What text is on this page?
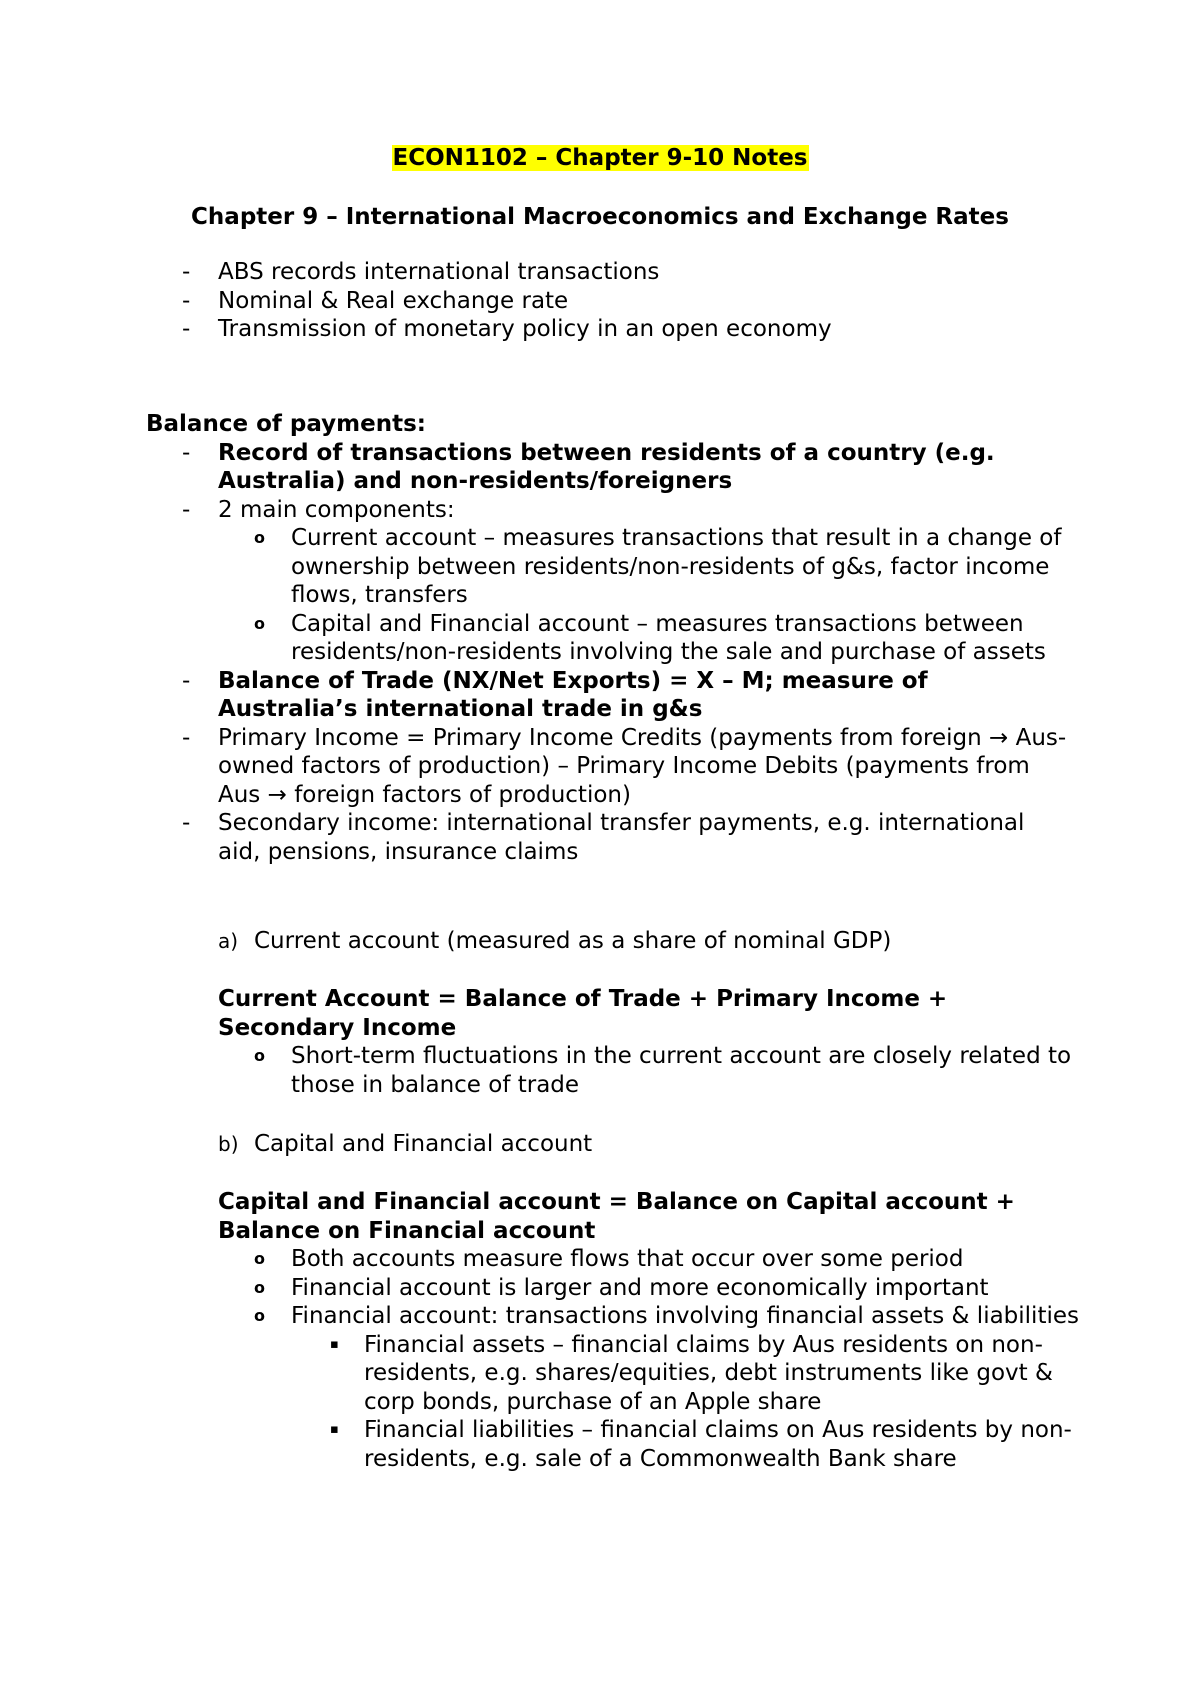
ECON1102 – Chapter 9-10 Notes
Chapter 9 – International Macroeconomics and Exchange Rates
- ABS records international transactions
- Nominal & Real exchange rate
- Transmission of monetary policy in an open economy
Balance of payments:
- Record of transactions between residents of a country (e.g. Australia) and non-residents/foreigners
- 2 main components:
o Current account – measures transactions that result in a change of ownership between residents/non-residents of g&s, factor income flows, transfers
o Capital and Financial account – measures transactions between residents/non-residents involving the sale and purchase of assets
- Balance of Trade (NX/Net Exports) = X – M; measure of Australia’s international trade in g&s
- Primary Income = Primary Income Credits (payments from foreign → Aus-owned factors of production) – Primary Income Debits (payments from Aus → foreign factors of production)
- Secondary income: international transfer payments, e.g. international aid, pensions, insurance claims
a) Current account (measured as a share of nominal GDP)
Current Account = Balance of Trade + Primary Income + Secondary Income
o Short-term fluctuations in the current account are closely related to those in balance of trade
b) Capital and Financial account
Capital and Financial account = Balance on Capital account + Balance on Financial account
o Both accounts measure flows that occur over some period
o Financial account is larger and more economically important
o Financial account: transactions involving financial assets & liabilities
▪ Financial assets – financial claims by Aus residents on non-residents, e.g. shares/equities, debt instruments like govt & corp bonds, purchase of an Apple share
▪ Financial liabilities – financial claims on Aus residents by non-residents, e.g. sale of a Commonwealth Bank share
